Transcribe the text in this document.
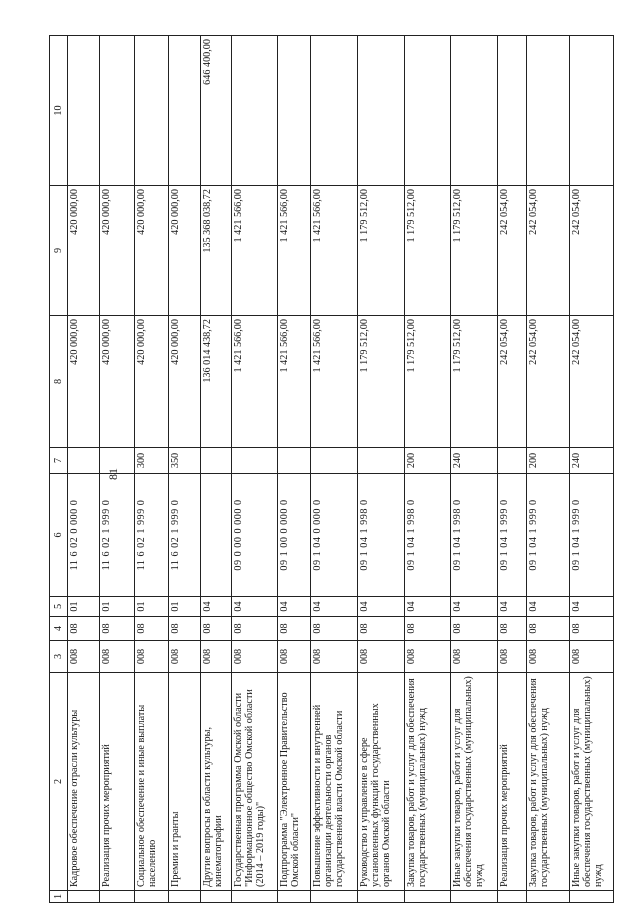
81
1	2	3	4	5	6	7	8	9	10
	Кадровое обеспечение отрасли культуры	008	08	01	11 6 02 0 000 0		420 000,00	420 000,00	
	Реализация прочих мероприятий	008	08	01	11 6 02 1 999 0		420 000,00	420 000,00	
	Социальное обеспечение и иные выплаты населению	008	08	01	11 6 02 1 999 0	300	420 000,00	420 000,00	
	Премии и гранты	008	08	01	11 6 02 1 999 0	350	420 000,00	420 000,00	
	Другие вопросы в области культуры, кинематографии	008	08	04			136 014 438,72	135 368 038,72	646 400,00
	Государственная программа Омской области "Информационное общество Омской области (2014 – 2019 годы)"	008	08	04	09 0 00 0 000 0		1 421 566,00	1 421 566,00	
	Подпрограмма "Электронное Правительство Омской области"	008	08	04	09 1 00 0 000 0		1 421 566,00	1 421 566,00	
	Повышение эффективности и внутренней организации деятельности органов государственной власти Омской области	008	08	04	09 1 04 0 000 0		1 421 566,00	1 421 566,00	
	Руководство и управление в сфере установленных функций государственных органов Омской области	008	08	04	09 1 04 1 998 0		1 179 512,00	1 179 512,00	
	Закупка товаров, работ и услуг для обеспечения государственных (муниципальных) нужд	008	08	04	09 1 04 1 998 0	200	1 179 512,00	1 179 512,00	
	Иные закупки товаров, работ и услуг для обеспечения государственных (муниципальных) нужд	008	08	04	09 1 04 1 998 0	240	1 179 512,00	1 179 512,00	
	Реализация прочих мероприятий	008	08	04	09 1 04 1 999 0		242 054,00	242 054,00	
	Закупка товаров, работ и услуг для обеспечения государственных (муниципальных) нужд	008	08	04	09 1 04 1 999 0	200	242 054,00	242 054,00	
	Иные закупки товаров, работ и услуг для обеспечения государственных (муниципальных) нужд	008	08	04	09 1 04 1 999 0	240	242 054,00	242 054,00	
